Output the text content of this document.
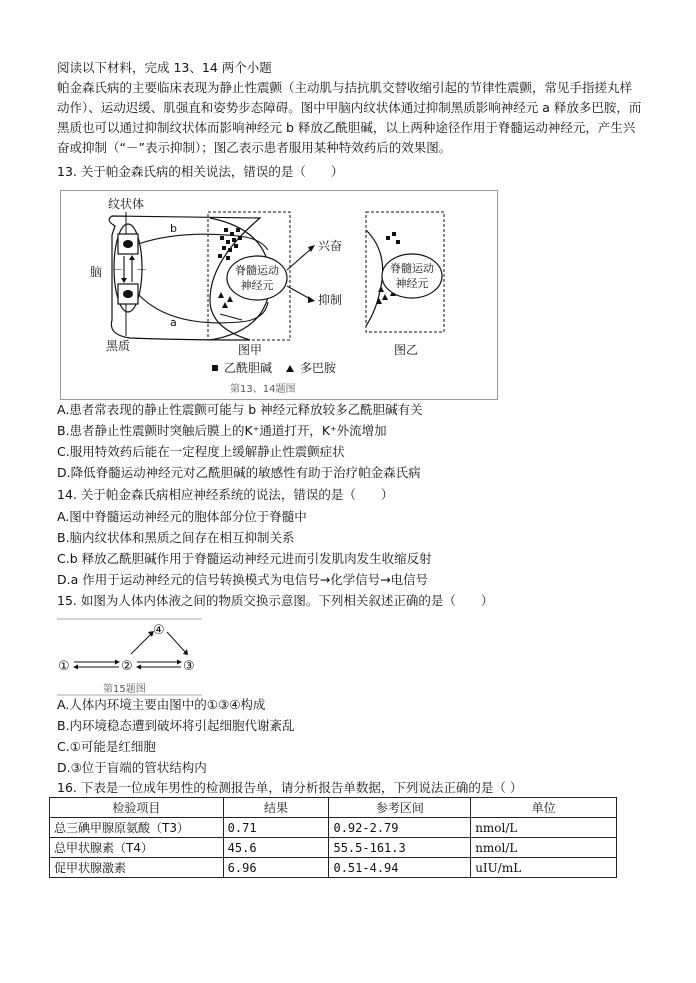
阅读以下材料，完成 13、14 两个小题
帕金森氏病的主要临床表现为静止性震颤（主动肌与拮抗肌交替收缩引起的节律性震颤，常见手指搓丸样动作）、运动迟缓、肌强直和姿势步态障碍。图中甲脑内纹状体通过抑制黑质影响神经元 a 释放多巴胺，而黑质也可以通过抑制纹状体而影响神经元 b 释放乙酰胆碱，以上两种途径作用于脊髓运动神经元，产生兴奋或抑制（“－”表示抑制）；图乙表示患者服用某种特效药后的效果图。
13. 关于帕金森氏病的相关说法，错误的是（　　）
－ －
纹状体
脑
黑质
b
a
脊髓运动
神经元
兴奋
抑制
脊髓运动
神经元
图甲	图乙
乙酰胆碱 多巴胺
第13、14题图
A.患者常表现的静止性震颤可能与 b 神经元释放较多乙酰胆碱有关
B.患者静止性震颤时突触后膜上的K⁺通道打开，K⁺外流增加
C.服用特效药后能在一定程度上缓解静止性震颤症状
D.降低脊髓运动神经元对乙酰胆碱的敏感性有助于治疗帕金森氏病
14. 关于帕金森氏病相应神经系统的说法，错误的是（　　）
A.图中脊髓运动神经元的胞体部分位于脊髓中
B.脑内纹状体和黑质之间存在相互抑制关系
C.b 释放乙酰胆碱作用于脊髓运动神经元进而引发肌肉发生收缩反射
D.a 作用于运动神经元的信号转换模式为电信号→化学信号→电信号
15. 如图为人体内体液之间的物质交换示意图。下列相关叙述正确的是（　　）
①	②	③
④
第15题图
A.人体内环境主要由图中的①③④构成
B.内环境稳态遭到破坏将引起细胞代谢紊乱
C.①可能是红细胞
D.③位于盲端的管状结构内
16. 下表是一位成年男性的检测报告单，请分析报告单数据，下列说法正确的是（ ）
检验项目	结果	参考区间	单位
总三碘甲腺原氨酸（T3）	0.71	0.92-2.79	nmol/L
总甲状腺素（T4）	45.6	55.5-161.3	nmol/L
促甲状腺激素	6.96	0.51-4.94	uIU/mL
